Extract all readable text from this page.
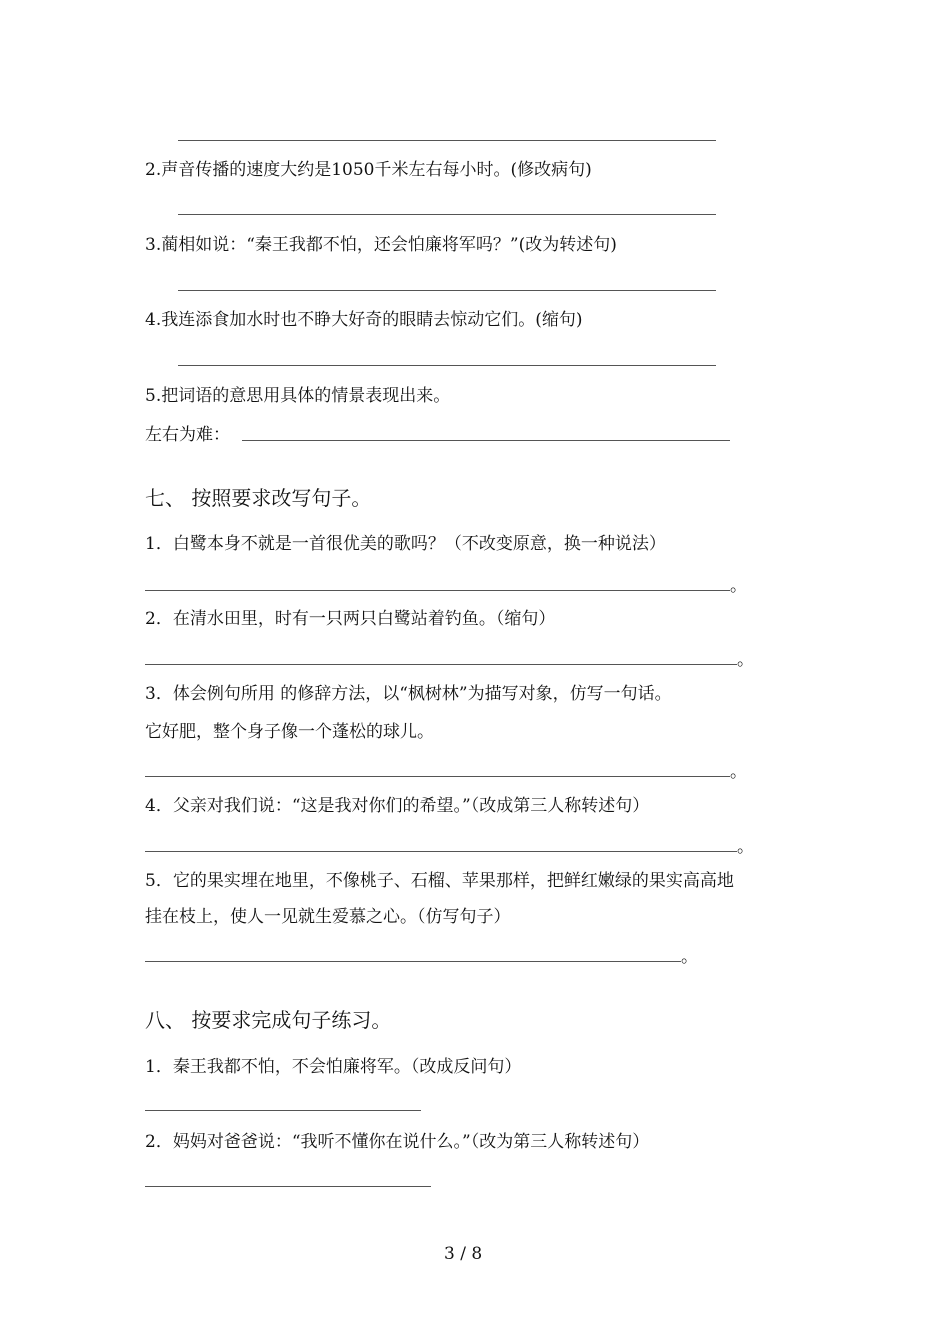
2.声音传播的速度大约是1050千米左右每小时。(修改病句)
3.蔺相如说：“秦王我都不怕，还会怕廉将军吗？”(改为转述句)
4.我连添食加水时也不睁大好奇的眼睛去惊动它们。(缩句)
5.把词语的意思用具体的情景表现出来。
左右为难：
七、 按照要求改写句子。
1．白鹭本身不就是一首很优美的歌吗？（不改变原意，换一种说法）
。
2．在清水田里，时有一只两只白鹭站着钓鱼。（缩句）
。
3．体会例句所用 的修辞方法，以“枫树林”为描写对象，仿写一句话。
它好肥，整个身子像一个蓬松的球儿。
。
4．父亲对我们说：“这是我对你们的希望。”（改成第三人称转述句）
。
5．它的果实埋在地里，不像桃子、石榴、苹果那样，把鲜红嫩绿的果实高高地
挂在枝上，使人一见就生爱慕之心。（仿写句子）
。
八、 按要求完成句子练习。
1．秦王我都不怕，不会怕廉将军。（改成反问句）
2．妈妈对爸爸说：“我听不懂你在说什么。”（改为第三人称转述句）
3 / 8
